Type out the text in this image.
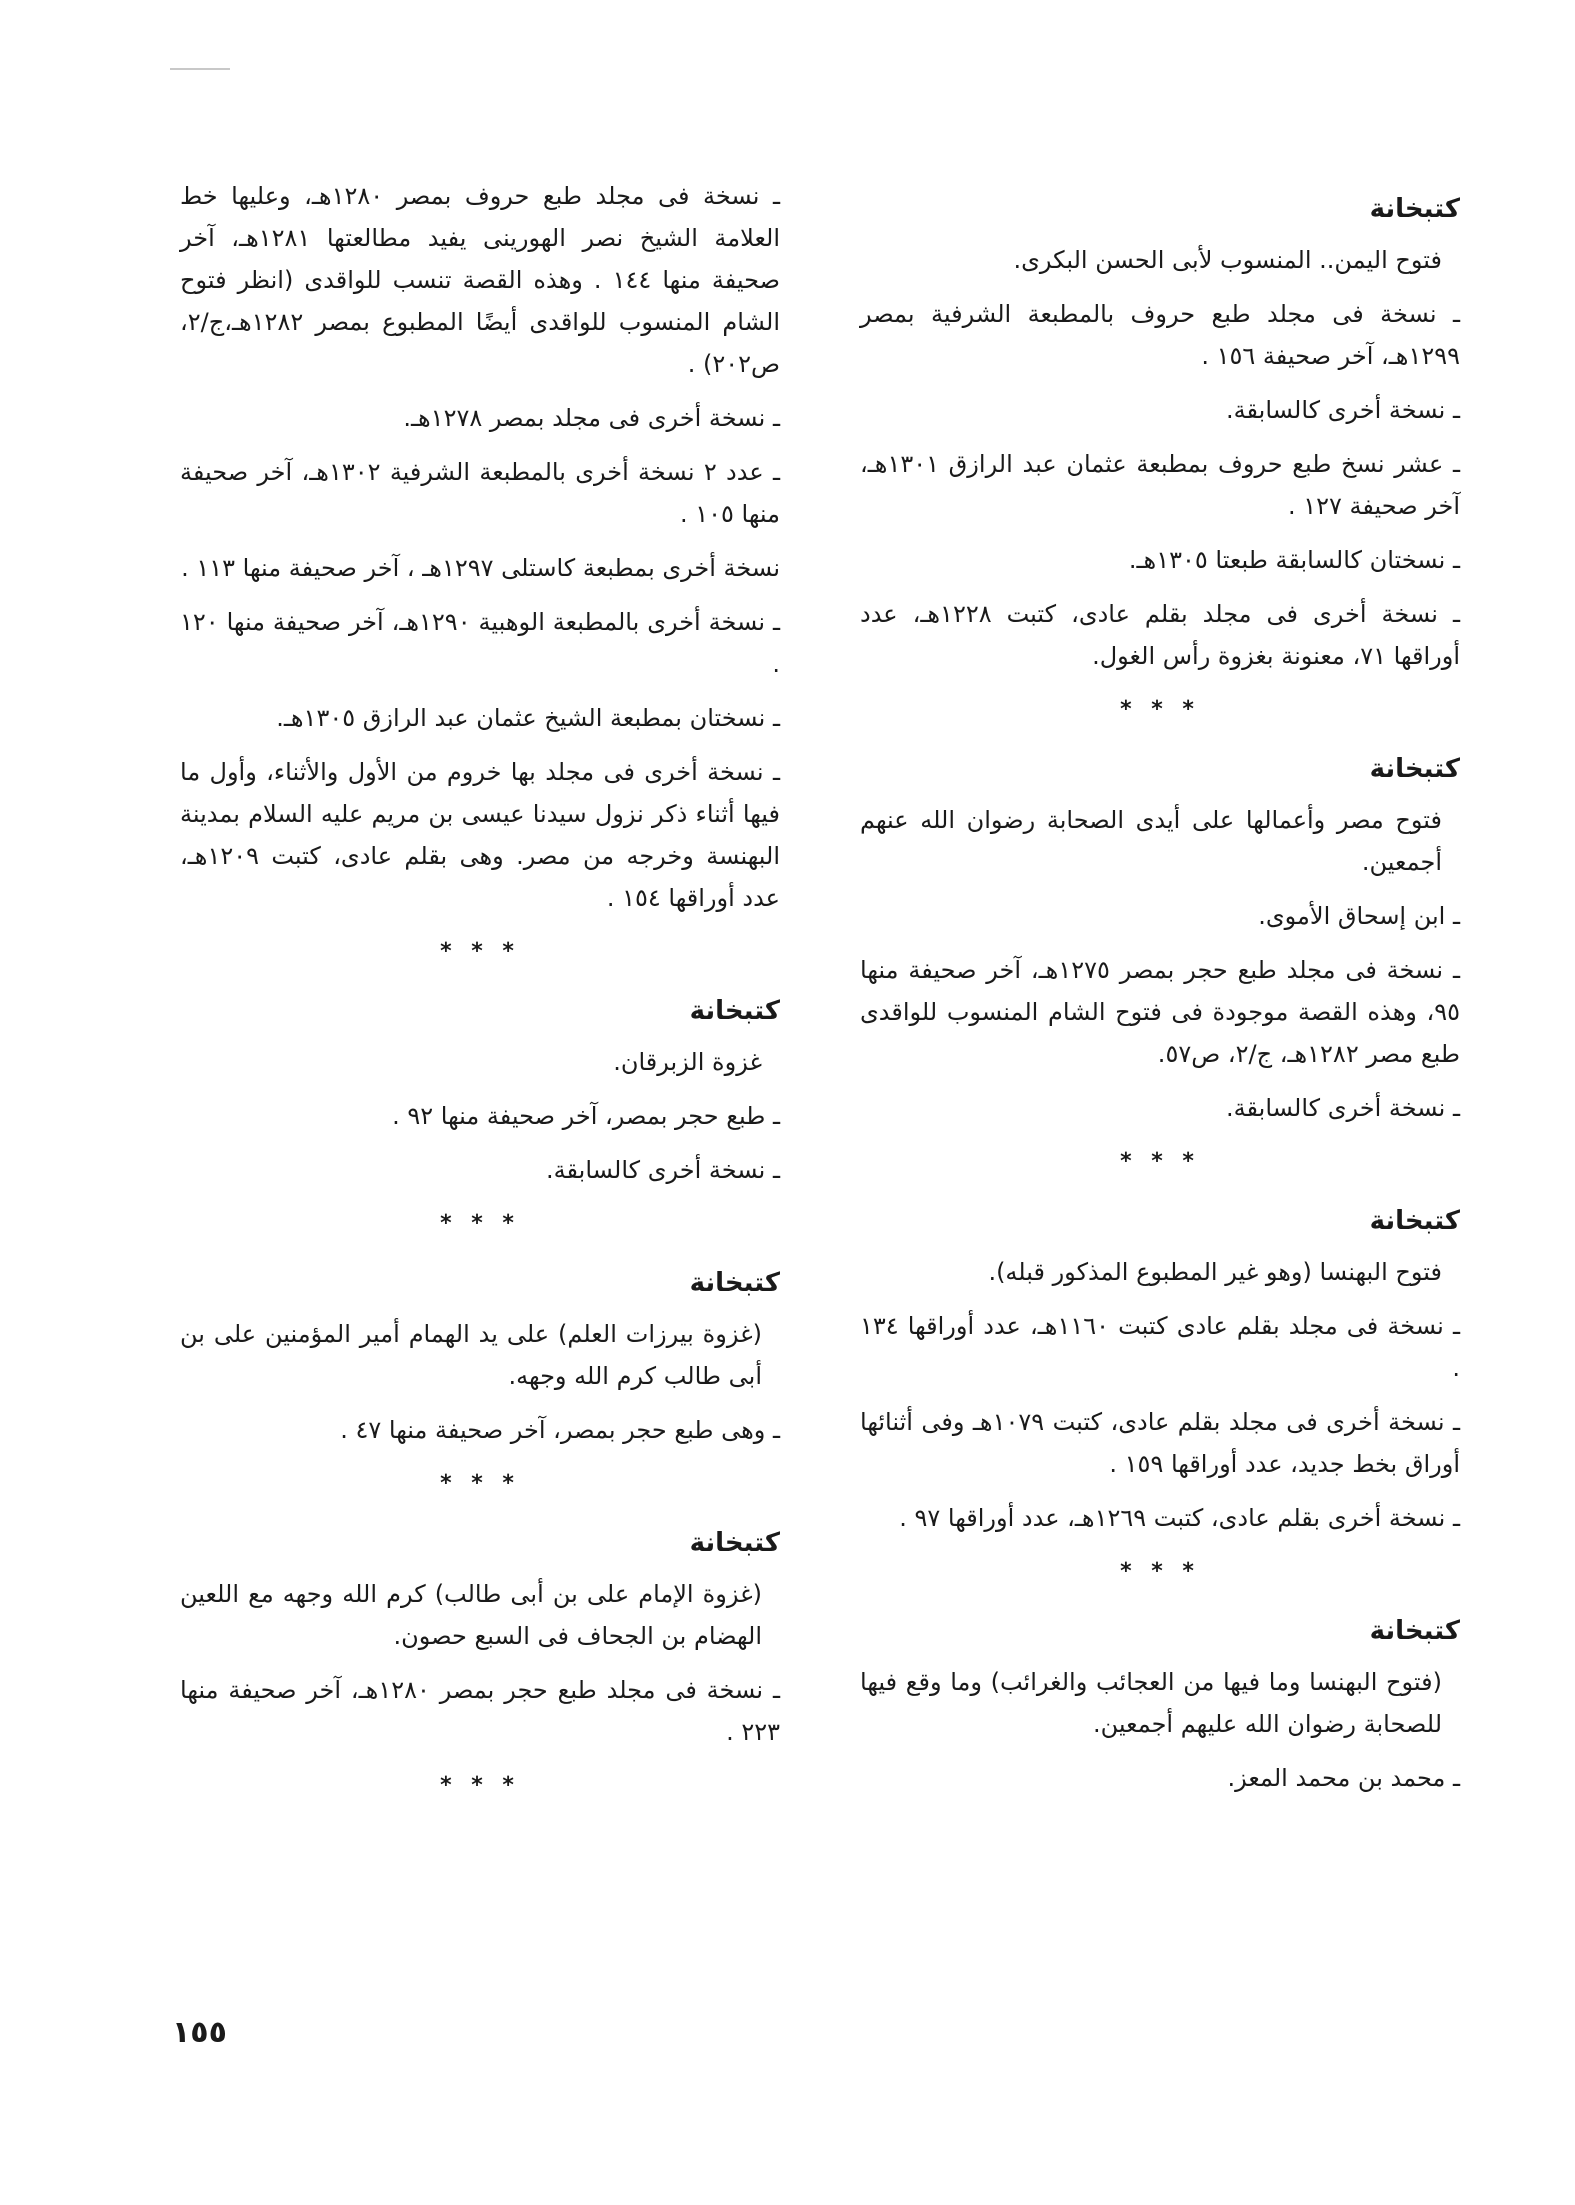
كتبخانة
فتوح اليمن.. المنسوب لأبى الحسن البكرى.
ـ نسخة فى مجلد طبع حروف بالمطبعة الشرفية بمصر ١٢٩٩هـ، آخر صحيفة ١٥٦ .
ـ نسخة أخرى كالسابقة.
ـ عشر نسخ طبع حروف بمطبعة عثمان عبد الرازق ١٣٠١هـ، آخر صحيفة ١٢٧ .
ـ نسختان كالسابقة طبعتا ١٣٠٥هـ.
ـ نسخة أخرى فى مجلد بقلم عادى، كتبت ١٢٢٨هـ، عدد أوراقها ٧١، معنونة بغزوة رأس الغول.
* * *
كتبخانة
فتوح مصر وأعمالها على أيدى الصحابة رضوان الله عنهم أجمعين.
ـ ابن إسحاق الأموى.
ـ نسخة فى مجلد طبع حجر بمصر ١٢٧٥هـ، آخر صحيفة منها ٩٥، وهذه القصة موجودة فى فتوح الشام المنسوب للواقدى طبع مصر ١٢٨٢هـ، ج/٢، ص٥٧.
ـ نسخة أخرى كالسابقة.
* * *
كتبخانة
فتوح البهنسا (وهو غير المطبوع المذكور قبله).
ـ نسخة فى مجلد بقلم عادى كتبت ١١٦٠هـ، عدد أوراقها ١٣٤ .
ـ نسخة أخرى فى مجلد بقلم عادى، كتبت ١٠٧٩هـ وفى أثنائها أوراق بخط جديد، عدد أوراقها ١٥٩ .
ـ نسخة أخرى بقلم عادى، كتبت ١٢٦٩هـ، عدد أوراقها ٩٧ .
* * *
كتبخانة
(فتوح البهنسا وما فيها من العجائب والغرائب) وما وقع فيها للصحابة رضوان الله عليهم أجمعين.
ـ محمد بن محمد المعز.
ـ نسخة فى مجلد طبع حروف بمصر ١٢٨٠هـ، وعليها خط العلامة الشيخ نصر الهورينى يفيد مطالعتها ١٢٨١هـ، آخر صحيفة منها ١٤٤ . وهذه القصة تنسب للواقدى (انظر فتوح الشام المنسوب للواقدى أيضًا المطبوع بمصر ١٢٨٢هـ،ج/٢، ص٢٠٢) .
ـ نسخة أخرى فى مجلد بمصر ١٢٧٨هـ.
ـ عدد ٢ نسخة أخرى بالمطبعة الشرفية ١٣٠٢هـ، آخر صحيفة منها ١٠٥ .
نسخة أخرى بمطبعة كاستلى ١٢٩٧هـ ، آخر صحيفة منها ١١٣ .
ـ نسخة أخرى بالمطبعة الوهبية ١٢٩٠هـ، آخر صحيفة منها ١٢٠ .
ـ نسختان بمطبعة الشيخ عثمان عبد الرازق ١٣٠٥هـ.
ـ نسخة أخرى فى مجلد بها خروم من الأول والأثناء، وأول ما فيها أثناء ذكر نزول سيدنا عيسى بن مريم عليه السلام بمدينة البهنسة وخرجه من مصر. وهى بقلم عادى، كتبت ١٢٠٩هـ، عدد أوراقها ١٥٤ .
* * *
كتبخانة
غزوة الزبرقان.
ـ طبع حجر بمصر، آخر صحيفة منها ٩٢ .
ـ نسخة أخرى كالسابقة.
* * *
كتبخانة
(غزوة بيرزات العلم) على يد الهمام أمير المؤمنين على بن أبى طالب كرم الله وجهه.
ـ وهى طبع حجر بمصر، آخر صحيفة منها ٤٧ .
* * *
كتبخانة
(غزوة الإمام على بن أبى طالب) كرم الله وجهه مع اللعين الهضام بن الجحاف فى السبع حصون.
ـ نسخة فى مجلد طبع حجر بمصر ١٢٨٠هـ، آخر صحيفة منها ٢٢٣ .
* * *
١٥٥
